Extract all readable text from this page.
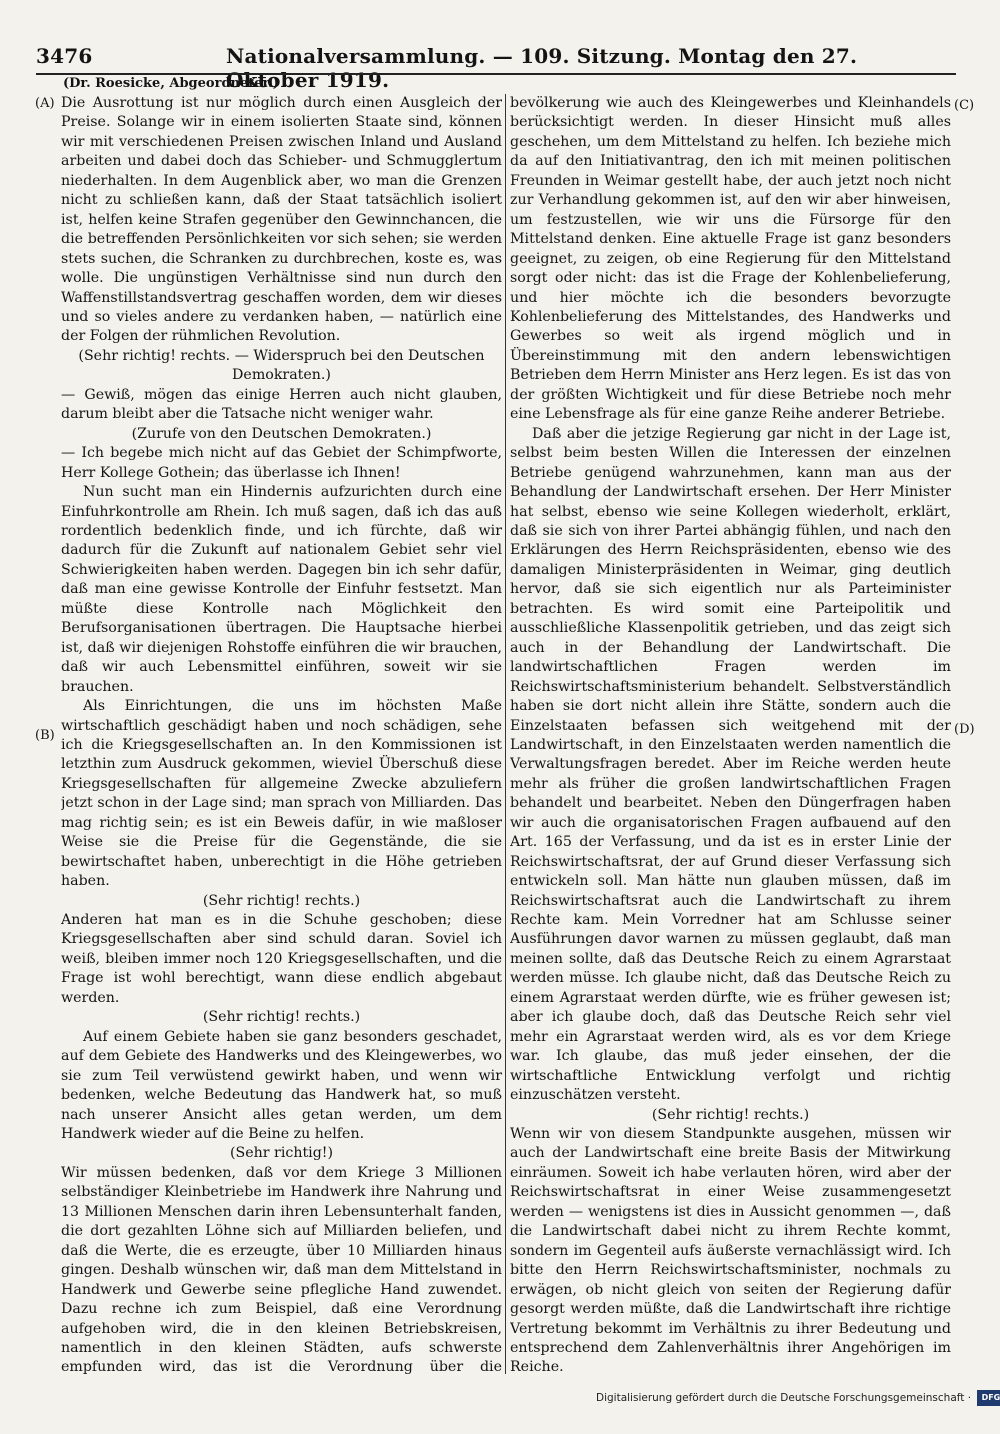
3476	Nationalversammlung. — 109. Sitzung. Montag den 27. Oktober 1919.
(Dr. Roesicke, Abgeordneter.)
(A)
(B)
(C)
(D)

Die Ausrottung ist nur möglich durch einen Ausgleich der Preise. Solange wir in einem isolierten Staate sind, können wir mit verschiedenen Preisen zwischen Inland und Ausland arbeiten und dabei doch das Schieber- und Schmugglertum niederhalten. In dem Augenblick aber, wo man die Grenzen nicht zu schließen kann, daß der Staat tatsächlich isoliert ist, helfen keine Strafen gegenüber den Gewinnchancen, die die betreffenden Persönlichkeiten vor sich sehen; sie werden stets suchen, die Schranken zu durchbrechen, koste es, was wolle. Die ungünstigen Verhältnisse sind nun durch den Waffenstillstandsvertrag geschaffen worden, dem wir dieses und so vieles andere zu verdanken haben, — natürlich eine der Folgen der rühmlichen Revolution.

(Sehr richtig! rechts. — Widerspruch bei den Deutschen Demokraten.)

— Gewiß, mögen das einige Herren auch nicht glauben, darum bleibt aber die Tatsache nicht weniger wahr.

(Zurufe von den Deutschen Demokraten.)

— Ich begebe mich nicht auf das Gebiet der Schimpfworte, Herr Kollege Gothein; das überlasse ich Ihnen!

Nun sucht man ein Hindernis aufzurichten durch eine Einfuhrkontrolle am Rhein. Ich muß sagen, daß ich das auß rordentlich bedenklich finde, und ich fürchte, daß wir dadurch für die Zukunft auf nationalem Gebiet sehr viel Schwierigkeiten haben werden. Dagegen bin ich sehr dafür, daß man eine gewisse Kontrolle der Einfuhr festsetzt. Man müßte diese Kontrolle nach Möglichkeit den Berufsorganisationen übertragen. Die Hauptsache hierbei ist, daß wir diejenigen Rohstoffe einführen die wir brauchen, daß wir auch Lebensmittel einführen, soweit wir sie brauchen.

Als Einrichtungen, die uns im höchsten Maße wirtschaftlich geschädigt haben und noch schädigen, sehe ich die Kriegsgesellschaften an. In den Kommissionen ist letzthin zum Ausdruck gekommen, wieviel Überschuß diese Kriegsgesellschaften für allgemeine Zwecke abzuliefern jetzt schon in der Lage sind; man sprach von Milliarden. Das mag richtig sein; es ist ein Beweis dafür, in wie maßloser Weise sie die Preise für die Gegenstände, die sie bewirtschaftet haben, unberechtigt in die Höhe getrieben haben.

(Sehr richtig! rechts.)

Anderen hat man es in die Schuhe geschoben; diese Kriegsgesellschaften aber sind schuld daran. Soviel ich weiß, bleiben immer noch 120 Kriegsgesellschaften, und die Frage ist wohl berechtigt, wann diese endlich abgebaut werden.

(Sehr richtig! rechts.)

Auf einem Gebiete haben sie ganz besonders geschadet, auf dem Gebiete des Handwerks und des Kleingewerbes, wo sie zum Teil verwüstend gewirkt haben, und wenn wir bedenken, welche Bedeutung das Handwerk hat, so muß nach unserer Ansicht alles getan werden, um dem Handwerk wieder auf die Beine zu helfen.

(Sehr richtig!)

Wir müssen bedenken, daß vor dem Kriege 3 Millionen selbständiger Kleinbetriebe im Handwerk ihre Nahrung und 13 Millionen Menschen darin ihren Lebensunterhalt fanden, die dort gezahlten Löhne sich auf Milliarden beliefen, und daß die Werte, die es erzeugte, über 10 Milliarden hinaus gingen. Deshalb wünschen wir, daß man dem Mittelstand in Handwerk und Gewerbe seine pflegliche Hand zuwendet. Dazu rechne ich zum Beispiel, daß eine Verordnung aufgehoben wird, die in den kleinen Betriebskreisen, namentlich in den kleinen Städten, aufs schwerste empfunden wird, das ist die Verordnung über die

bevölkerung wie auch des Kleingewerbes und Kleinhandels berücksichtigt werden. In dieser Hinsicht muß alles geschehen, um dem Mittelstand zu helfen. Ich beziehe mich da auf den Initiativantrag, den ich mit meinen politischen Freunden in Weimar gestellt habe, der auch jetzt noch nicht zur Verhandlung gekommen ist, auf den wir aber hinweisen, um festzustellen, wie wir uns die Fürsorge für den Mittelstand denken. Eine aktuelle Frage ist ganz besonders geeignet, zu zeigen, ob eine Regierung für den Mittelstand sorgt oder nicht: das ist die Frage der Kohlenbelieferung, und hier möchte ich die besonders bevorzugte Kohlenbelieferung des Mittelstandes, des Handwerks und Gewerbes so weit als irgend möglich und in Übereinstimmung mit den andern lebenswichtigen Betrieben dem Herrn Minister ans Herz legen. Es ist das von der größten Wichtigkeit und für diese Betriebe noch mehr eine Lebensfrage als für eine ganze Reihe anderer Betriebe.

Daß aber die jetzige Regierung gar nicht in der Lage ist, selbst beim besten Willen die Interessen der einzelnen Betriebe genügend wahrzunehmen, kann man aus der Behandlung der Landwirtschaft ersehen. Der Herr Minister hat selbst, ebenso wie seine Kollegen wiederholt, erklärt, daß sie sich von ihrer Partei abhängig fühlen, und nach den Erklärungen des Herrn Reichspräsidenten, ebenso wie des damaligen Ministerpräsidenten in Weimar, ging deutlich hervor, daß sie sich eigentlich nur als Parteiminister betrachten. Es wird somit eine Parteipolitik und ausschließliche Klassenpolitik getrieben, und das zeigt sich auch in der Behandlung der Landwirtschaft. Die landwirtschaftlichen Fragen werden im Reichswirtschaftsministerium behandelt. Selbstverständlich haben sie dort nicht allein ihre Stätte, sondern auch die Einzelstaaten befassen sich weitgehend mit der Landwirtschaft, in den Einzelstaaten werden namentlich die Verwaltungsfragen beredet. Aber im Reiche werden heute mehr als früher die großen landwirtschaftlichen Fragen behandelt und bearbeitet. Neben den Düngerfragen haben wir auch die organisatorischen Fragen aufbauend auf den Art. 165 der Verfassung, und da ist es in erster Linie der Reichswirtschaftsrat, der auf Grund dieser Verfassung sich entwickeln soll. Man hätte nun glauben müssen, daß im Reichswirtschaftsrat auch die Landwirtschaft zu ihrem Rechte kam. Mein Vorredner hat am Schlusse seiner Ausführungen davor warnen zu müssen geglaubt, daß man meinen sollte, daß das Deutsche Reich zu einem Agrarstaat werden müsse. Ich glaube nicht, daß das Deutsche Reich zu einem Agrarstaat werden dürfte, wie es früher gewesen ist; aber ich glaube doch, daß das Deutsche Reich sehr viel mehr ein Agrarstaat werden wird, als es vor dem Kriege war. Ich glaube, das muß jeder einsehen, der die wirtschaftliche Entwicklung verfolgt und richtig einzuschätzen versteht.

(Sehr richtig! rechts.)

Wenn wir von diesem Standpunkte ausgehen, müssen wir auch der Landwirtschaft eine breite Basis der Mitwirkung einräumen. Soweit ich habe verlauten hören, wird aber der Reichswirtschaftsrat in einer Weise zusammengesetzt werden — wenigstens ist dies in Aussicht genommen —, daß die Landwirtschaft dabei nicht zu ihrem Rechte kommt, sondern im Gegenteil aufs äußerste vernachlässigt wird. Ich bitte den Herrn Reichswirtschaftsminister, nochmals zu erwägen, ob nicht gleich von seiten der Regierung dafür gesorgt werden müßte, daß die Landwirtschaft ihre richtige Vertretung bekommt im Verhältnis zu ihrer Bedeutung und entsprechend dem Zahlenverhältnis ihrer Angehörigen im Reiche.

Digitalisierung gefördert durch die Deutsche Forschungsgemeinschaft · DFG
